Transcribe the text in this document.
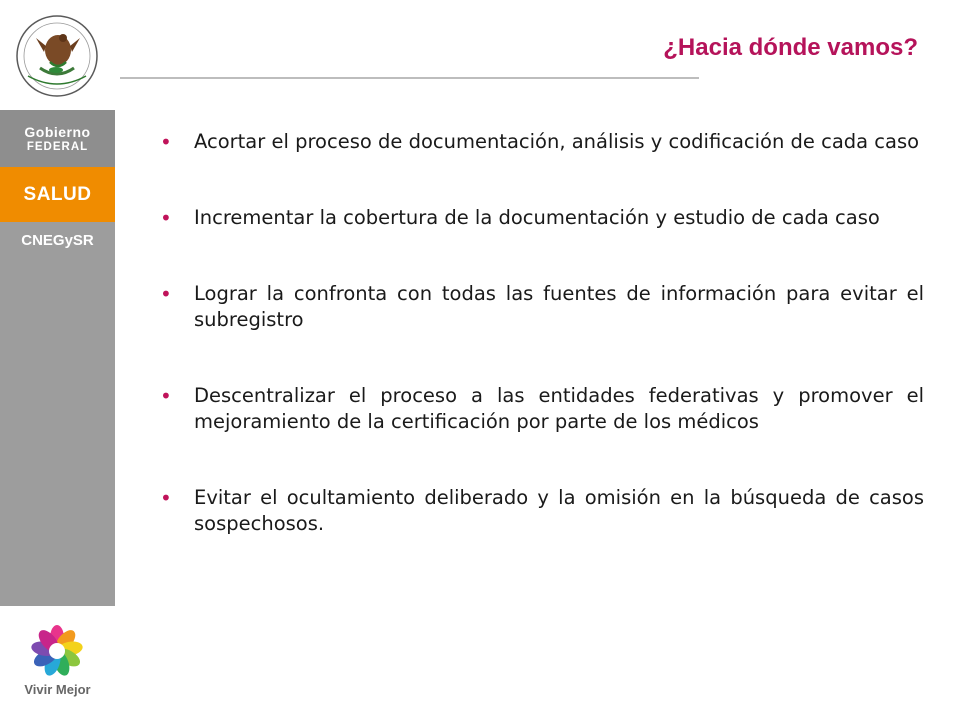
Gobierno
FEDERAL
SALUD
CNEGySR
Vivir Mejor
¿Hacia dónde vamos?
• Acortar el proceso de documentación, análisis y codificación de cada caso
• Incrementar la cobertura de la documentación y estudio de cada caso
• Lograr la confronta con todas las fuentes de información para evitar el subregistro
• Descentralizar el proceso a las entidades federativas y promover el mejoramiento de la certificación por parte de los médicos
• Evitar el ocultamiento deliberado y la omisión en la búsqueda de casos sospechosos.
